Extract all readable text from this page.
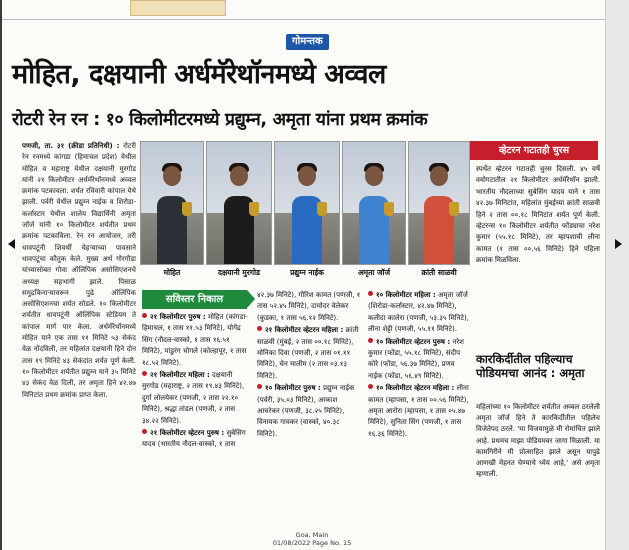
गोमन्तक
मोहित, दक्षयानी अर्धमॅरेथॉनमध्ये अव्वल
रोटरी रेन रन : १० किलोमीटरमध्ये प्रद्युम्न, अमृता यांना प्रथम क्रमांक
पणजी, ता. ३१ (क्रीडा प्रतिनिधी) : रोटरी रेन रनमध्ये कांगडा (हिमाचल प्रदेश) येथील मोहित व महाराष्ट्र येथील दक्षयानी मुरगोड यांनी २१ किलोमीटर अर्धमॅरेथॉनमध्ये अव्वल क्रमांक पटकावला. शर्यत रविवारी कांपाल येथे झाली. पर्वरी येथील प्रद्युम्न नाईक व शिरोडा-कर्लास्टार येथील शालेय विद्यार्थिनी अमृता जॉर्ज यांनी १० किलोमीटर शर्यतीत प्रथम क्रमांक पटकाविला. रेन रन आयोजन, तरी धावपटूंनी शिवर्थी चेहऱ्याच्या पावसाने धावपटूंचा कौतुक केले. मुख्य अर्थ गोरगौडा यांच्यासोबत गोवा ऑलिंपिक असोसिएशनचे अध्यक्ष सहभागी झाले. पिसाळ समुद्रकिनाऱ्यावरून पुढे ऑलिंपिक असोसिएशनचा शर्यत सोडले. १० किलोमीटर शर्यतीत धावपटूंनी ऑलिंपिक स्टेडियम ते कांपाल मार्ग पार केला. अर्धमॅरेथॉनमध्ये मोहित याने एक तास ११ मिनिटे ५३ सेकंद वेळ नोंदविली, तर महिलांत दक्षयानी हिने दोन तास १९ मिनिटे ४३ सेकंदांत शर्यत पूर्ण केली. १० किलोमीटर शर्यतीत प्रद्युम्न याने ३५ मिनिटे ४३ सेकंद वेळ दिली, तर अमृता हिने ४२.४७ मिनिटांत प्रथम क्रमांक प्राप्त केला.
मोहित	दक्षयानी मुरगोड	प्रद्युम्न नाईक	अमृता जॉर्ज	क्रांती साळवी
व्हेटरन गटातही चुरस
स्पर्धेत व्हेटरन गटातही चुरस दिसली. ४५ वर्षे वयोगटातील २१ किलोमीटर अर्धमॅरेथॉन झाली. भारतीय नौदलाच्या सुबेसिंग यादव याने १ तास ४२.३७ मिनिटांत, महिलांत मुंबईच्या क्रांती साळवी हिने २ तास ००.१८ मिनिटांत शर्यत पूर्ण केली. व्हेटरन्स १० किलोमीटर शर्यतीत फोंड्याचा नरेश कुमार (५५.१८ मिनिटे), तर म्हापशाची लीना कामत (१ तास ००.५६ मिनिटे) हिने पहिला क्रमांक मिळविला.
सविस्तर निकाल

२१ किलोमीटर पुरुष : मोहित (कांगडा-हिमाचल, १ तास ११.५३ मिनिटे), योगेंद्र सिंग (नौदल-वास्को, १ तास १६.५१ मिनिटे), पांडुरंग चोगले (कोल्हापूर, १ तास १८.५२ मिनिटे).

२१ किलोमीटर महिला : दक्षयानी मुरगोड (महाराष्ट्र, २ तास १९.४३ मिनिटे), दुर्गा लोलयेकर (पणजी, २ तास २२.१० मिनिटे), श्रद्धा तांडल (पणजी, २ तास ३४.२२ मिनिटे).

२१ किलोमीटर व्हेटरन पुरुष : सुबेसिंग यादव (भारतीय नौदल-वास्को, १ तास

४२.३७ मिनिटे), गौरिश कामत (पणजी, १ तास ५२.४५ मिनिटे), दामोदर वेलेकर (कुडका, १ तास ५६.१२ मिनिटे).

२१ किलोमीटर व्हेटरन महिला : क्रांती साळवी (मुंबई, २ तास ००.१८ मिनिटे), मोनिका दिवा (पणजी, २ तास ०१.११ मिनिटे), चेन मालीम (२ तास ०३.१३ मिनिटे).

१० किलोमीटर पुरुष : प्रद्युम्न नाईक (पर्वरी, ३५.०३ मिनिटे), आकाश आचरेकर (पणजी, ३८.२५ मिनिटे), विनायक गावकर (वास्को, ४०.३८ मिनिटे).

१० किलोमीटर महिला : अमृता जॉर्ज (शिरोडा-कर्लास्टार, ४२.४७ मिनिटे), कलीदा कालेरा (पणजी, ५३.३५ मिनिटे), लीना शेट्टी (पणजी, ५५.११ मिनिटे).

१० किलोमीटर व्हेटरन पुरुष : नरेश कुमार (फोंडा, ५५.१८ मिनिटे), संदीप कोरे (फोंडा, ५६.३७ मिनिटे), प्रणव नाईक (फोंडा, ५६.४९ मिनिटे).

१० किलोमीटर व्हेटरन महिला : लीना कामत (म्हापसा, १ तास ००.५६ मिनिटे), अमृता आरोरा (म्हापसा, १ तास ०५.४७ मिनिटे), सुनिता सिंग (पणजी, १ तास १६.३६ मिनिटे).

कारकिर्दीतील पहिल्याच पोडियमचा आनंद : अमृता
महिलांच्या १० किलोमीटर शर्यतीत अव्वल ठरलेली अमृता जॉर्ज हिने ते कारकिर्दीतील पहिलेच विजेतेपद ठरले. 'या विजयामुळे मी रोमांचित झाले आहे. प्रथमच माझा पोडियमवर जागा मिळाली. या कामगिरीने मी प्रोत्साहित झाले असून यापुढे आणखी मेहनत घेण्याचे ध्येय आहे,' असे अमृता म्हणाली.
Goa, Main
01/08/2022 Page No. 15
